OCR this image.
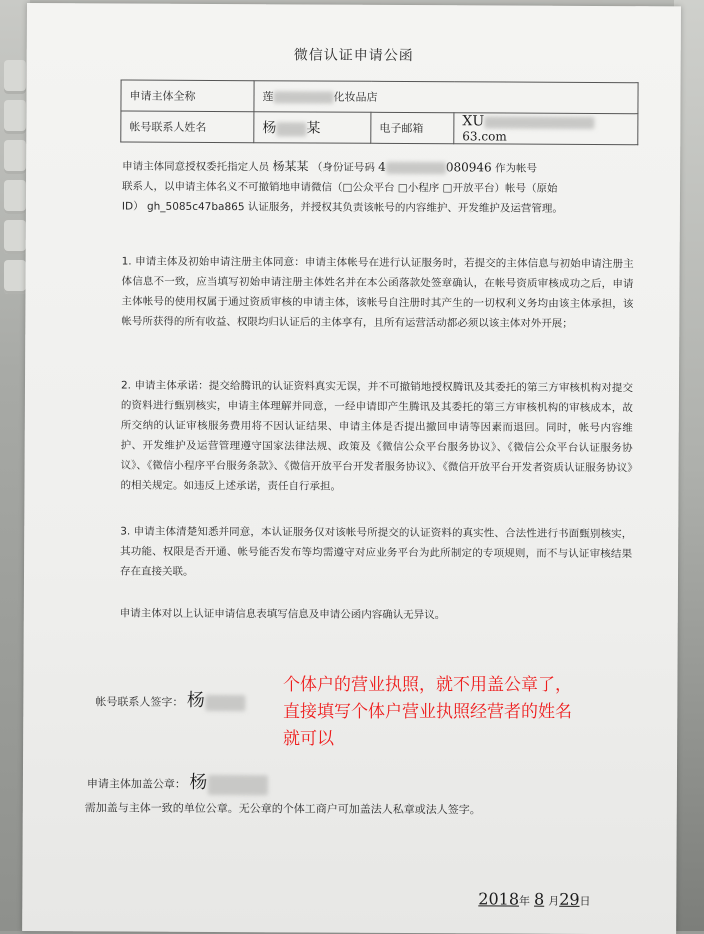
微信认证申请公函
申请主体全称	莲 化妆品店		
帐号联系人姓名	杨 某	电子邮箱	XU63.com
申请主体同意授权委托指定人员 杨某某 （身份证号码 4	080946 作为帐号
联系人，以申请主体名义不可撤销地申请微信（□公众平台 □小程序 □开放平台）帐号（原始
ID） gh_5085c47ba865 认证服务，并授权其负责该帐号的内容维护、开发维护及运营管理。
1. 申请主体及初始申请注册主体同意：申请主体帐号在进行认证服务时，若提交的主体信息与初始申请注册主体信息不一致，应当填写初始申请注册主体姓名并在本公函落款处签章确认，在帐号资质审核成功之后，申请主体帐号的使用权属于通过资质审核的申请主体，该帐号自注册时其产生的一切权利义务均由该主体承担，该帐号所获得的所有收益、权限均归认证后的主体享有，且所有运营活动都必须以该主体对外开展；
2. 申请主体承诺：提交给腾讯的认证资料真实无误，并不可撤销地授权腾讯及其委托的第三方审核机构对提交的资料进行甄别核实，申请主体理解并同意，一经申请即产生腾讯及其委托的第三方审核机构的审核成本，故所交纳的认证审核服务费用将不因认证结果、申请主体是否提出撤回申请等因素而退回。同时，帐号内容维护、开发维护及运营管理遵守国家法律法规、政策及《微信公众平台服务协议》、《微信公众平台认证服务协议》、《微信小程序平台服务条款》、《微信开放平台开发者服务协议》、《微信开放平台开发者资质认证服务协议》的相关规定。如违反上述承诺，责任自行承担。
3. 申请主体清楚知悉并同意，本认证服务仅对该帐号所提交的认证资料的真实性、合法性进行书面甄别核实，其功能、权限是否开通、帐号能否发布等均需遵守对应业务平台为此所制定的专项规则，而不与认证审核结果存在直接关联。
申请主体对以上认证申请信息表填写信息及申请公函内容确认无异议。
帐号联系人签字： 杨
申请主体加盖公章： 杨
需加盖与主体一致的单位公章。无公章的个体工商户可加盖法人私章或法人签字。
2018年 8 月29日
个体户的营业执照，就不用盖公章了，
直接填写个体户营业执照经营者的姓名
就可以
